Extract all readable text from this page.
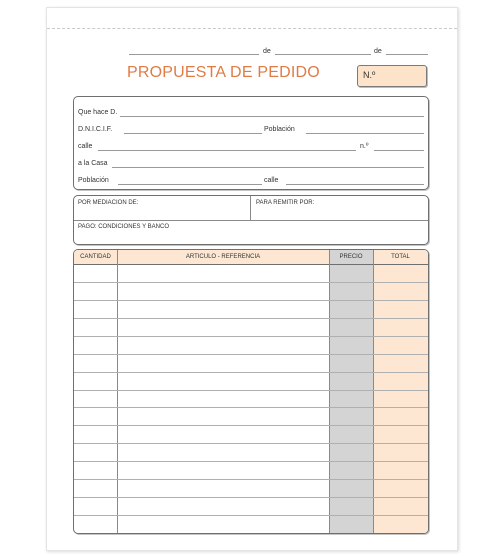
de	de
PROPUESTA DE PEDIDO	N.º
Que hace D.
D.N.I.C.I.F.	Población
calle	n.º
a la Casa
Población	calle
POR MEDIACION DE:	PARA REMITIR POR:
PAGO: CONDICIONES Y BANCO
CANTIDAD	ARTICULO - REFERENCIA	PRECIO	TOTAL
